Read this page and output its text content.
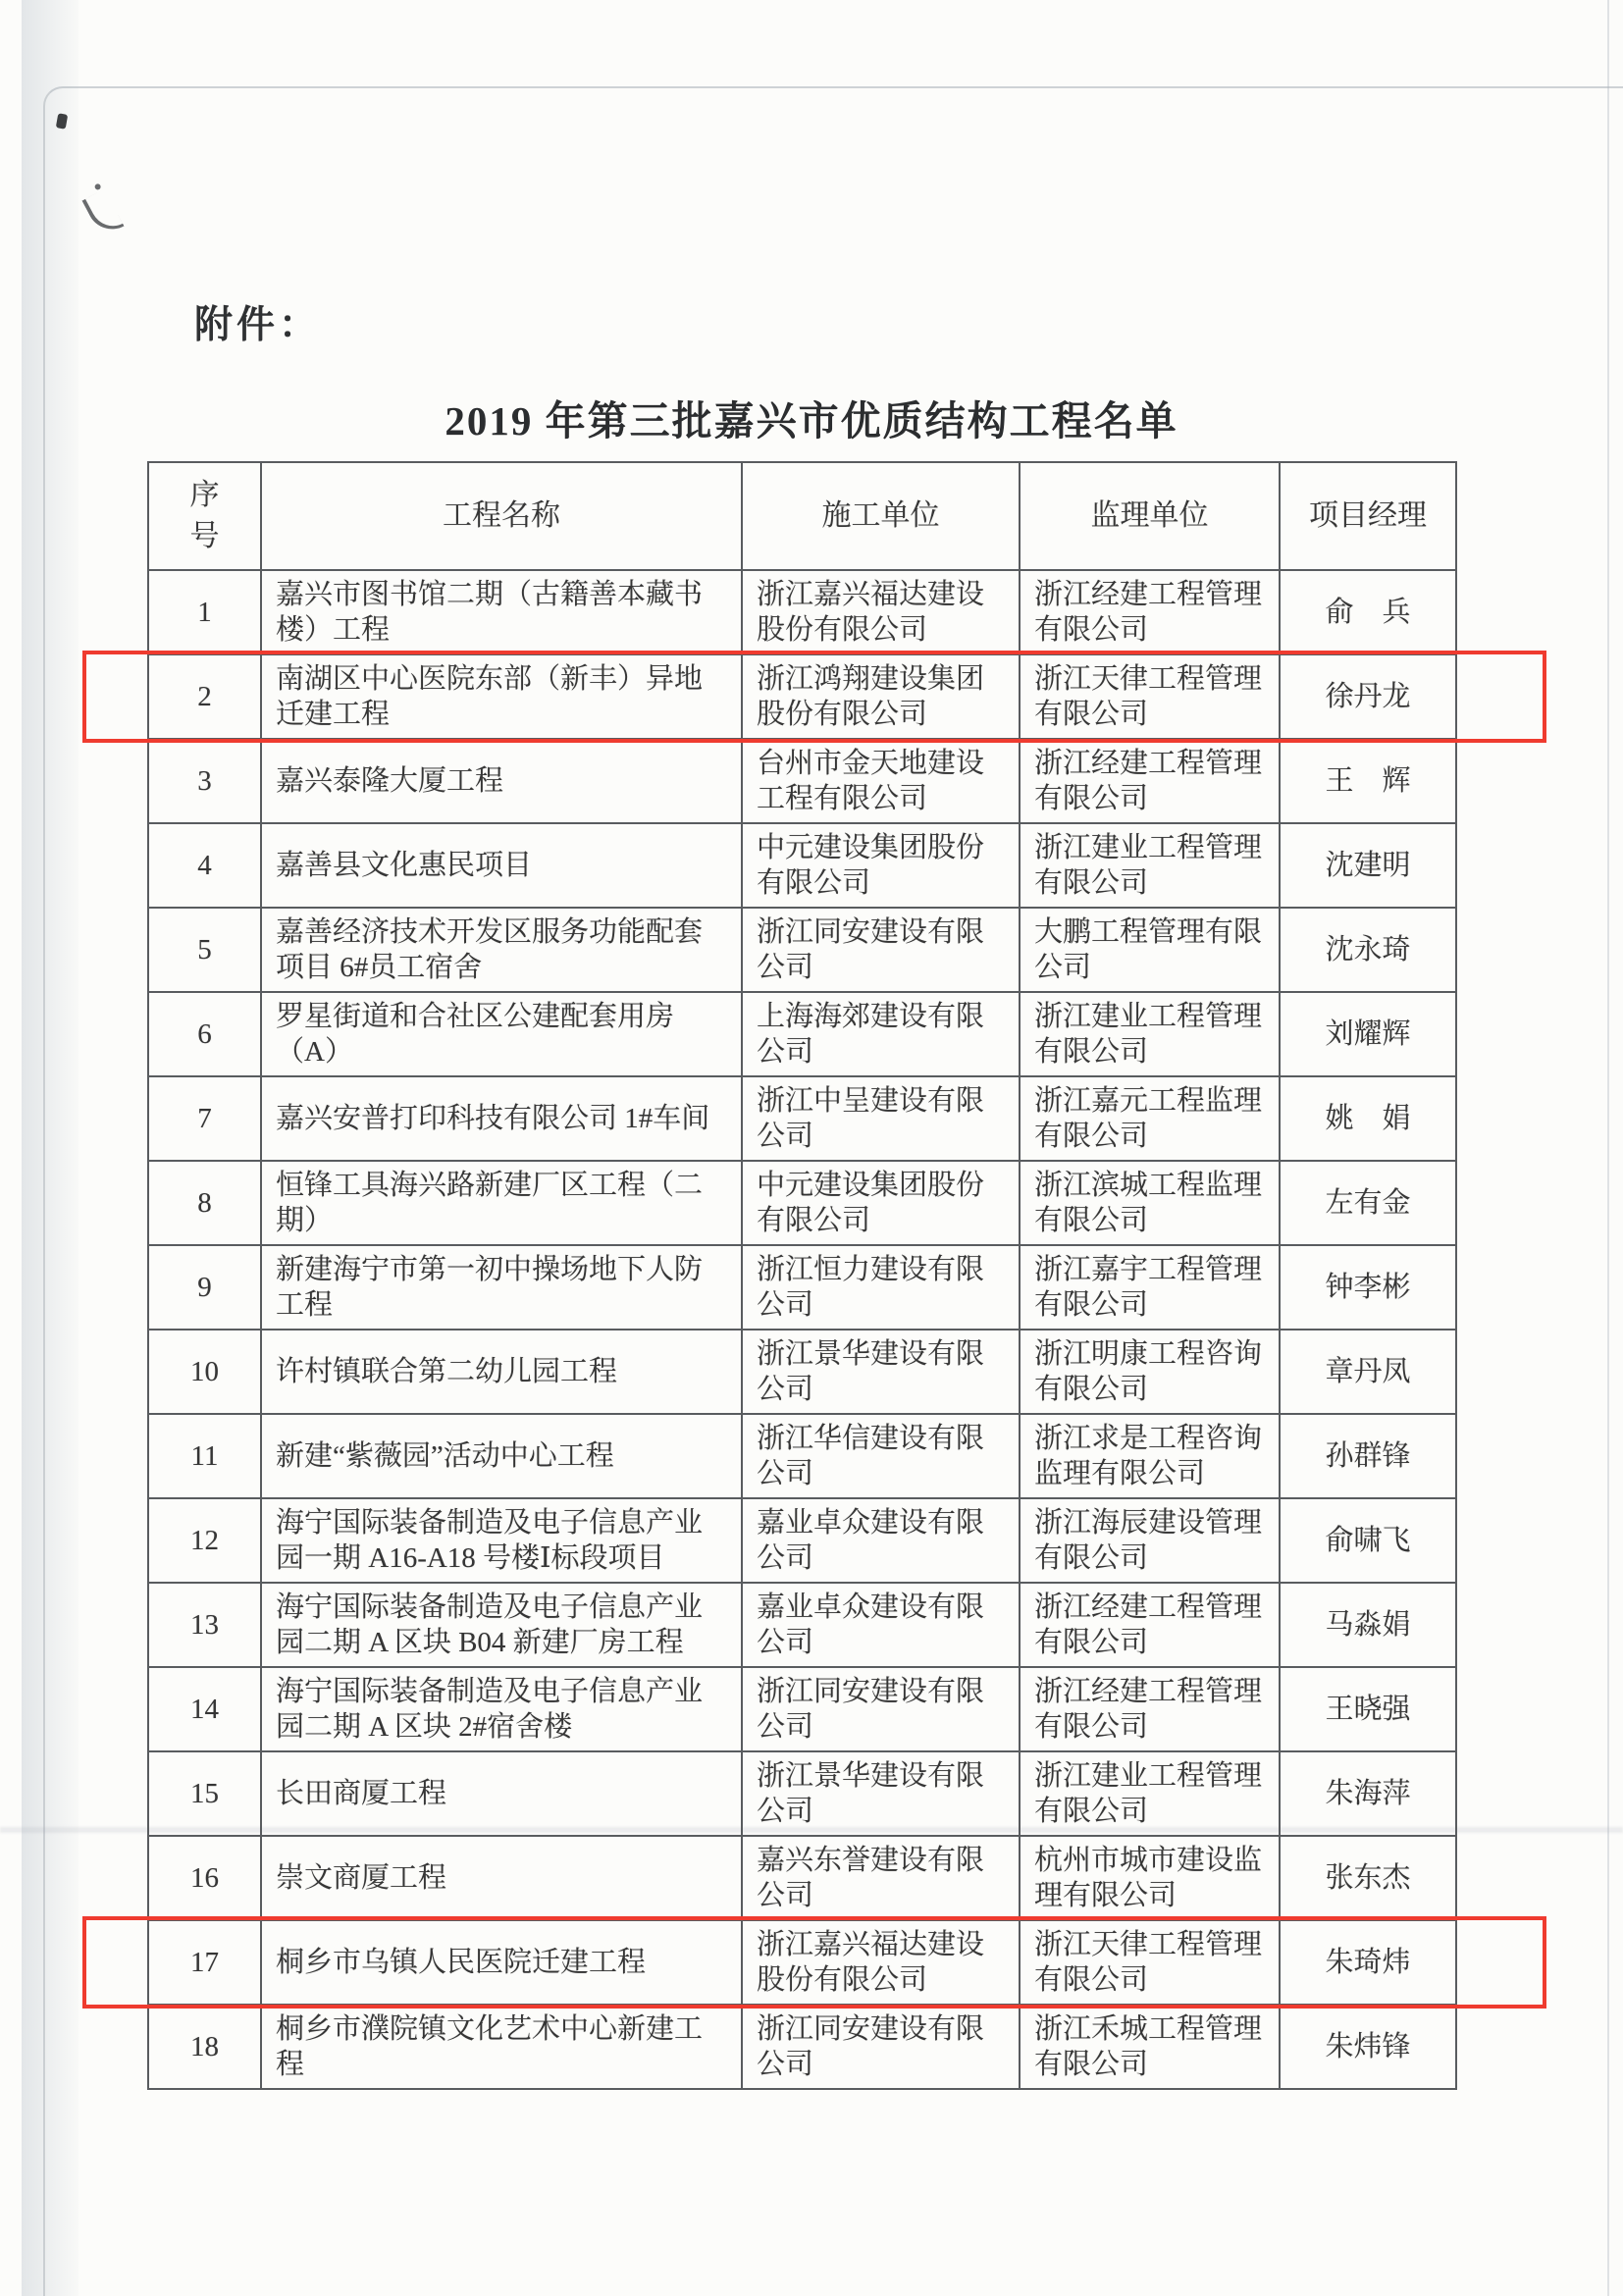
附件：
2019 年第三批嘉兴市优质结构工程名单
序号	工程名称	施工单位	监理单位	项目经理
1	嘉兴市图书馆二期（古籍善本藏书楼）工程	浙江嘉兴福达建设股份有限公司	浙江经建工程管理有限公司	俞　兵
2	南湖区中心医院东部（新丰）异地迁建工程	浙江鸿翔建设集团股份有限公司	浙江天律工程管理有限公司	徐丹龙
3	嘉兴泰隆大厦工程	台州市金天地建设工程有限公司	浙江经建工程管理有限公司	王　辉
4	嘉善县文化惠民项目	中元建设集团股份有限公司	浙江建业工程管理有限公司	沈建明
5	嘉善经济技术开发区服务功能配套项目 6#员工宿舍	浙江同安建设有限公司	大鹏工程管理有限公司	沈永琦
6	罗星街道和合社区公建配套用房（A）	上海海郊建设有限公司	浙江建业工程管理有限公司	刘耀辉
7	嘉兴安普打印科技有限公司 1#车间	浙江中呈建设有限公司	浙江嘉元工程监理有限公司	姚　娟
8	恒锋工具海兴路新建厂区工程（二期）	中元建设集团股份有限公司	浙江滨城工程监理有限公司	左有金
9	新建海宁市第一初中操场地下人防工程	浙江恒力建设有限公司	浙江嘉宇工程管理有限公司	钟李彬
10	许村镇联合第二幼儿园工程	浙江景华建设有限公司	浙江明康工程咨询有限公司	章丹凤
11	新建“紫薇园”活动中心工程	浙江华信建设有限公司	浙江求是工程咨询监理有限公司	孙群锋
12	海宁国际装备制造及电子信息产业园一期 A16-A18 号楼Ⅰ标段项目	嘉业卓众建设有限公司	浙江海辰建设管理有限公司	俞啸飞
13	海宁国际装备制造及电子信息产业园二期 A 区块 B04 新建厂房工程	嘉业卓众建设有限公司	浙江经建工程管理有限公司	马淼娟
14	海宁国际装备制造及电子信息产业园二期 A 区块 2#宿舍楼	浙江同安建设有限公司	浙江经建工程管理有限公司	王晓强
15	长田商厦工程	浙江景华建设有限公司	浙江建业工程管理有限公司	朱海萍
16	崇文商厦工程	嘉兴东誉建设有限公司	杭州市城市建设监理有限公司	张东杰
17	桐乡市乌镇人民医院迁建工程	浙江嘉兴福达建设股份有限公司	浙江天律工程管理有限公司	朱琦炜
18	桐乡市濮院镇文化艺术中心新建工程	浙江同安建设有限公司	浙江禾城工程管理有限公司	朱炜锋
